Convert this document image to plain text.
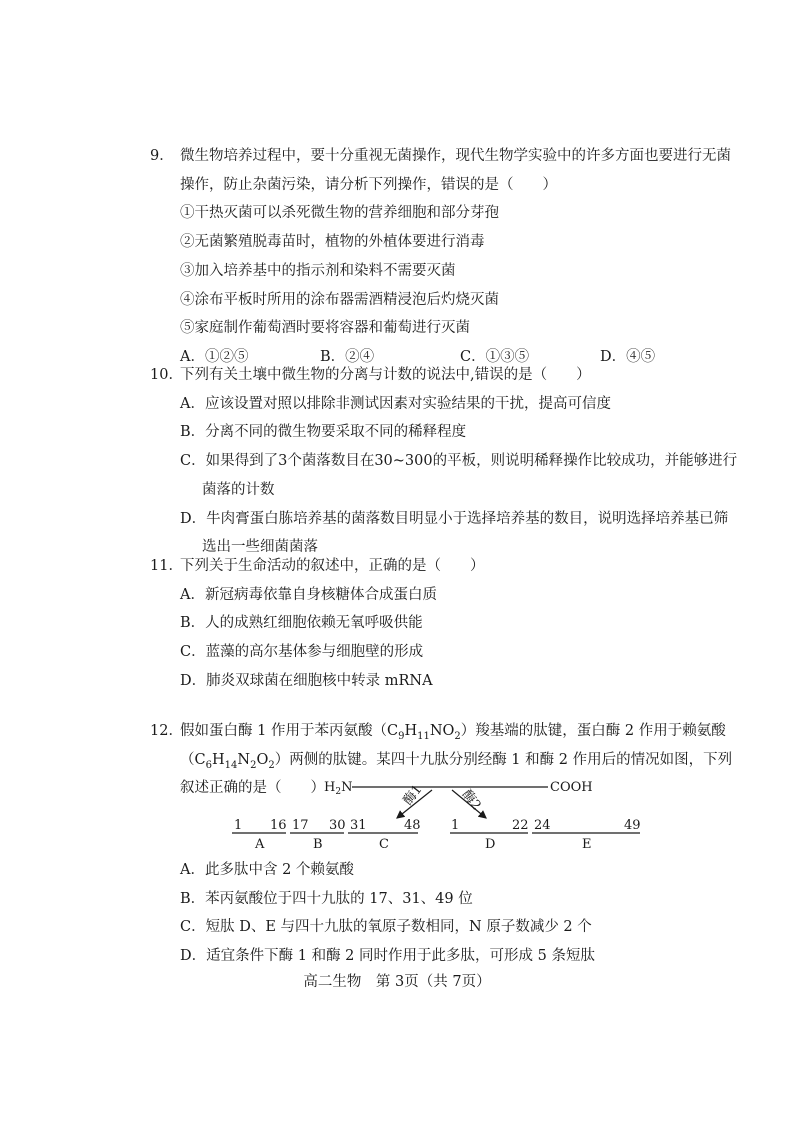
9． 微生物培养过程中，要十分重视无菌操作，现代生物学实验中的许多方面也要进行无菌操作，防止杂菌污染，请分析下列操作，错误的是（　　）
①干热灭菌可以杀死微生物的营养细胞和部分芽孢
②无菌繁殖脱毒苗时，植物的外植体要进行消毒
③加入培养基中的指示剂和染料不需要灭菌
④涂布平板时所用的涂布器需酒精浸泡后灼烧灭菌
⑤家庭制作葡萄酒时要将容器和葡萄进行灭菌
A．①②⑤	B．②④	C．①③⑤	D．④⑤
10．下列有关土壤中微生物的分离与计数的说法中,错误的是（　　）
A．应该设置对照以排除非测试因素对实验结果的干扰，提高可信度
B．分离不同的微生物要采取不同的稀释程度
C．如果得到了3个菌落数目在30~300的平板，则说明稀释操作比较成功，并能够进行菌落的计数
D．牛肉膏蛋白胨培养基的菌落数目明显小于选择培养基的数目，说明选择培养基已筛选出一些细菌菌落
11．下列关于生命活动的叙述中，正确的是（　　）
A．新冠病毒依靠自身核糖体合成蛋白质
B．人的成熟红细胞依赖无氧呼吸供能
C．蓝藻的高尔基体参与细胞壁的形成
D．肺炎双球菌在细胞核中转录 mRNA
12．假如蛋白酶 1 作用于苯丙氨酸$(C_9H_{11}NO_2)$羧基端的肽键，蛋白酶 2 作用于赖氨酸$(C_6H_{14}N_2O_2)$两侧的肽键。某四十九肽分别经酶 1 和酶 2 作用后的情况如图，下列叙述正确的是（　　） $H_2N$	COOH
酶1	酶2
1 16 17 30 31	48 1	22 24	49
A	B	C	D	E
A．此多肽中含 2 个赖氨酸
B．苯丙氨酸位于四十九肽的 17、31、49 位
C．短肽 D、E 与四十九肽的氧原子数相同，N 原子数减少 2 个
D．适宜条件下酶 1 和酶 2 同时作用于此多肽，可形成 5 条短肽
高二生物　第 3页（共 7页）
